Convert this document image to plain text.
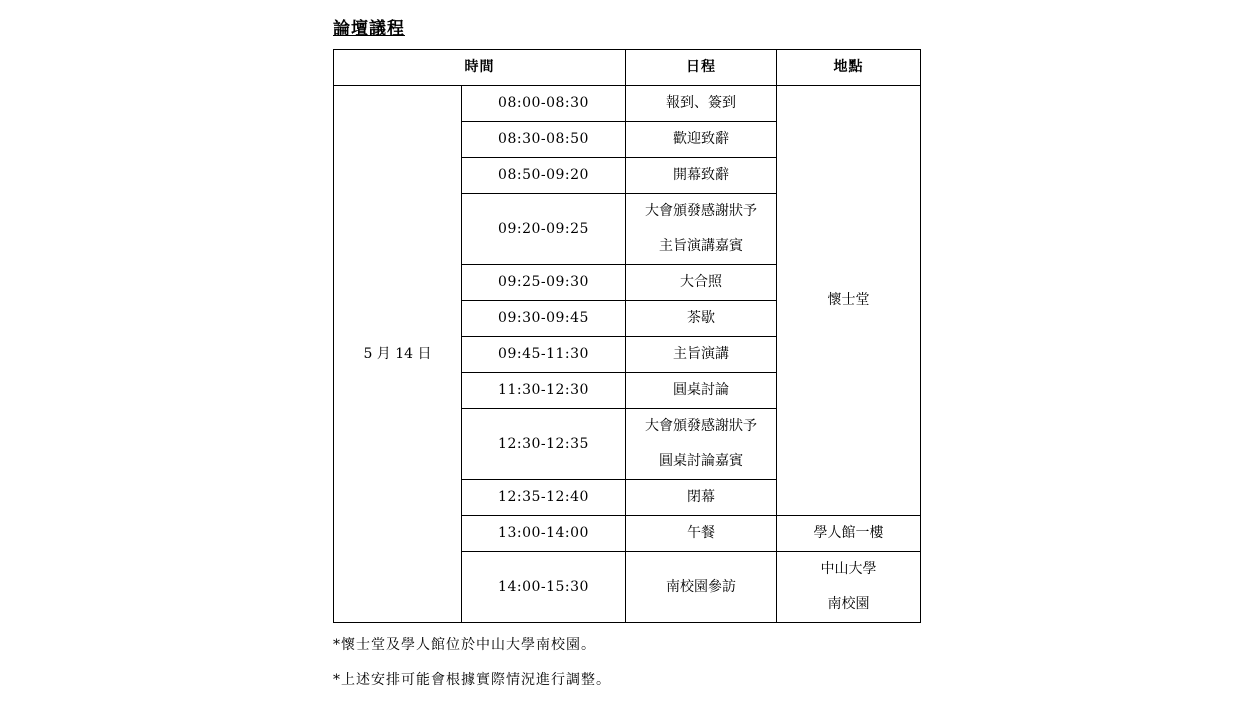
論壇議程
時間		日程	地點
5 月 14 日	08:00-08:30	報到、簽到	懷士堂
	08:30-08:50	歡迎致辭	
	08:50-09:20	開幕致辭	
	09:20-09:25	大會頒發感謝狀予
主旨演講嘉賓	

	09:25-09:30	大合照	
	09:30-09:45	茶歇	
	09:45-11:30	主旨演講	
	11:30-12:30	圓桌討論	
	12:30-12:35	大會頒發感謝狀予
圓桌討論嘉賓	

	12:35-12:40	閉幕	
	13:00-14:00	午餐	學人館一樓
	14:00-15:30	南校園參訪	中山大學
南校園
*懷士堂及學人館位於中山大學南校園。
*上述安排可能會根據實際情況進行調整。
